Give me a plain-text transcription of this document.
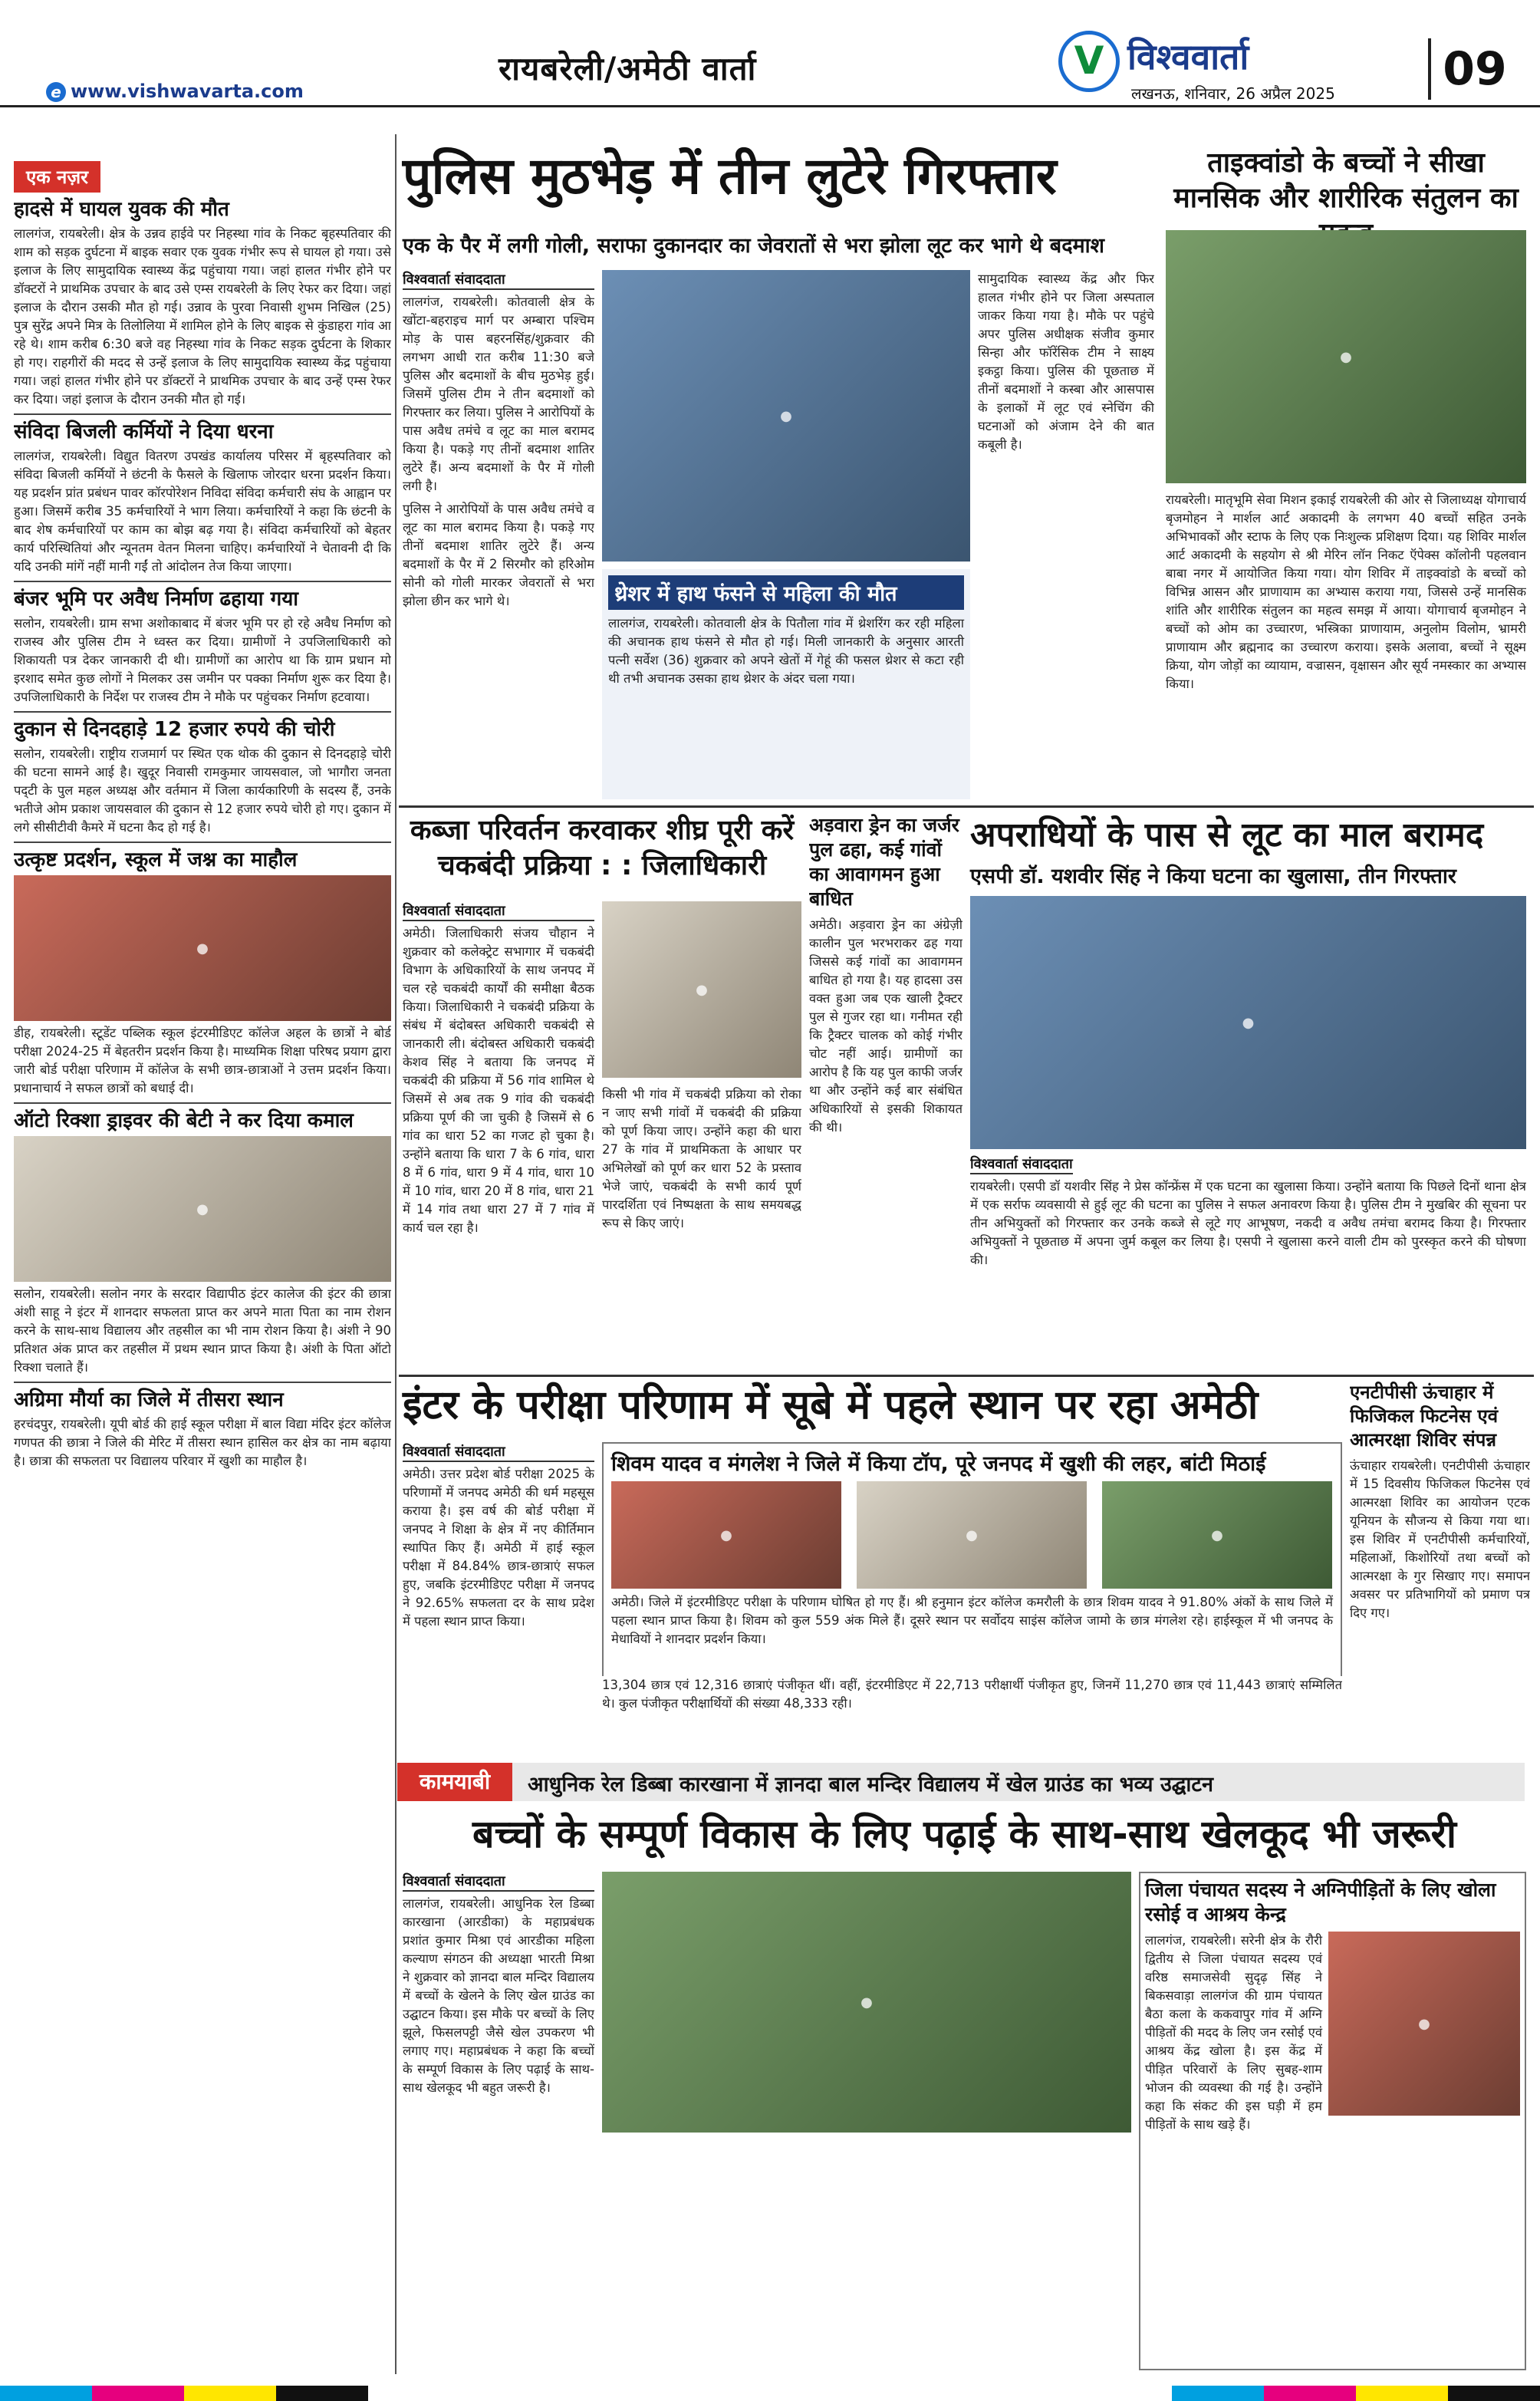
e www.vishwavarta.com
रायबरेली/अमेठी वार्ता	V विश्ववार्ता
लखनऊ, शनिवार, 26 अप्रैल 2025	09
एक नज़र
हादसे में घायल युवक की मौत
लालगंज, रायबरेली। क्षेत्र के उन्नव हाईवे पर निहस्था गांव के निकट बृहस्पतिवार की शाम को सड़क दुर्घटना में बाइक सवार एक युवक गंभीर रूप से घायल हो गया। उसे इलाज के लिए सामुदायिक स्वास्थ्य केंद्र पहुंचाया गया। जहां हालत गंभीर होने पर डॉक्टरों ने प्राथमिक उपचार के बाद उसे एम्स रायबरेली के लिए रेफर कर दिया। जहां इलाज के दौरान उसकी मौत हो गई। उन्नाव के पुरवा निवासी शुभम निखिल (25) पुत्र सुरेंद्र अपने मित्र के तिलोलिया में शामिल होने के लिए बाइक से कुंडाहरा गांव आ रहे थे। शाम करीब 6:30 बजे वह निहस्था गांव के निकट सड़क दुर्घटना के शिकार हो गए। राहगीरों की मदद से उन्हें इलाज के लिए सामुदायिक स्वास्थ्य केंद्र पहुंचाया गया। जहां हालत गंभीर होने पर डॉक्टरों ने प्राथमिक उपचार के बाद उन्हें एम्स रेफर कर दिया। जहां इलाज के दौरान उनकी मौत हो गई।
संविदा बिजली कर्मियों ने दिया धरना
लालगंज, रायबरेली। विद्युत वितरण उपखंड कार्यालय परिसर में बृहस्पतिवार को संविदा बिजली कर्मियों ने छंटनी के फैसले के खिलाफ जोरदार धरना प्रदर्शन किया। यह प्रदर्शन प्रांत प्रबंधन पावर कॉरपोरेशन निविदा संविदा कर्मचारी संघ के आह्वान पर हुआ। जिसमें करीब 35 कर्मचारियों ने भाग लिया। कर्मचारियों ने कहा कि छंटनी के बाद शेष कर्मचारियों पर काम का बोझ बढ़ गया है। संविदा कर्मचारियों को बेहतर कार्य परिस्थितियां और न्यूनतम वेतन मिलना चाहिए। कर्मचारियों ने चेतावनी दी कि यदि उनकी मांगें नहीं मानी गईं तो आंदोलन तेज किया जाएगा।
बंजर भूमि पर अवैध निर्माण ढहाया गया
सलोन, रायबरेली। ग्राम सभा अशोकाबाद में बंजर भूमि पर हो रहे अवैध निर्माण को राजस्व और पुलिस टीम ने ध्वस्त कर दिया। ग्रामीणों ने उपजिलाधिकारी को शिकायती पत्र देकर जानकारी दी थी। ग्रामीणों का आरोप था कि ग्राम प्रधान मो इरशाद समेत कुछ लोगों ने मिलकर उस जमीन पर पक्का निर्माण शुरू कर दिया है। उपजिलाधिकारी के निर्देश पर राजस्व टीम ने मौके पर पहुंचकर निर्माण हटवाया।
दुकान से दिनदहाड़े 12 हजार रुपये की चोरी
सलोन, रायबरेली। राष्ट्रीय राजमार्ग पर स्थित एक थोक की दुकान से दिनदहाड़े चोरी की घटना सामने आई है। खुदूर निवासी रामकुमार जायसवाल, जो भागौरा जनता पद्टी के पुल महल अध्यक्ष और वर्तमान में जिला कार्यकारिणी के सदस्य हैं, उनके भतीजे ओम प्रकाश जायसवाल की दुकान से 12 हजार रुपये चोरी हो गए। दुकान में लगे सीसीटीवी कैमरे में घटना कैद हो गई है।
उत्कृष्ट प्रदर्शन, स्कूल में जश्न का माहौल
●
डीह, रायबरेली। स्टूडेंट पब्लिक स्कूल इंटरमीडिएट कॉलेज अहल के छात्रों ने बोर्ड परीक्षा 2024-25 में बेहतरीन प्रदर्शन किया है। माध्यमिक शिक्षा परिषद प्रयाग द्वारा जारी बोर्ड परीक्षा परिणाम में कॉलेज के सभी छात्र-छात्राओं ने उत्तम प्रदर्शन किया। प्रधानाचार्य ने सफल छात्रों को बधाई दी।
ऑटो रिक्शा ड्राइवर की बेटी ने कर दिया कमाल
●
सलोन, रायबरेली। सलोन नगर के सरदार विद्यापीठ इंटर कालेज की इंटर की छात्रा अंशी साहू ने इंटर में शानदार सफलता प्राप्त कर अपने माता पिता का नाम रोशन करने के साथ-साथ विद्यालय और तहसील का भी नाम रोशन किया है। अंशी ने 90 प्रतिशत अंक प्राप्त कर तहसील में प्रथम स्थान प्राप्त किया है। अंशी के पिता ऑटो रिक्शा चलाते हैं।
अग्रिमा मौर्या का जिले में तीसरा स्थान
हरचंदपुर, रायबरेली। यूपी बोर्ड की हाई स्कूल परीक्षा में बाल विद्या मंदिर इंटर कॉलेज गणपत की छात्रा ने जिले की मेरिट में तीसरा स्थान हासिल कर क्षेत्र का नाम बढ़ाया है। छात्रा की सफलता पर विद्यालय परिवार में खुशी का माहौल है।
पुलिस मुठभेड़ में तीन लुटेरे गिरफ्तार
एक के पैर में लगी गोली, सराफा दुकानदार का जेवरातों से भरा झोला लूट कर भागे थे बदमाश
विश्ववार्ता संवाददाता
लालगंज, रायबरेली। कोतवाली क्षेत्र के खोंटा-बहराइच मार्ग पर अम्बारा पश्चिम मोड़ के पास बहरनसिंह/शुक्रवार की लगभग आधी रात करीब 11:30 बजे पुलिस और बदमाशों के बीच मुठभेड़ हुई। जिसमें पुलिस टीम ने तीन बदमाशों को गिरफ्तार कर लिया। पुलिस ने आरोपियों के पास अवैध तमंचे व लूट का माल बरामद किया है। पकड़े गए तीनों बदमाश शातिर लुटेरे हैं। अन्य बदमाशों के पैर में गोली लगी है।
पुलिस ने आरोपियों के पास अवैध तमंचे व लूट का माल बरामद किया है। पकड़े गए तीनों बदमाश शातिर लुटेरे हैं। अन्य बदमाशों के पैर में 2 सिरमौर को हरिओम सोनी को गोली मारकर जेवरातों से भरा झोला छीन कर भागे थे।
●
थ्रेशर में हाथ फंसने से महिला की मौत
लालगंज, रायबरेली। कोतवाली क्षेत्र के पितौला गांव में थ्रेशरिंग कर रही महिला की अचानक हाथ फंसने से मौत हो गई। मिली जानकारी के अनुसार आरती पत्नी सर्वेश (36) शुक्रवार को अपने खेतों में गेहूं की फसल थ्रेशर से कटा रही थी तभी अचानक उसका हाथ थ्रेशर के अंदर चला गया।
सामुदायिक स्वास्थ्य केंद्र और फिर हालत गंभीर होने पर जिला अस्पताल जाकर किया गया है। मौके पर पहुंचे अपर पुलिस अधीक्षक संजीव कुमार सिन्हा और फॉरेंसिक टीम ने साक्ष्य इकट्ठा किया। पुलिस की पूछताछ में तीनों बदमाशों ने कस्बा और आसपास के इलाकों में लूट एवं स्नेचिंग की घटनाओं को अंजाम देने की बात कबूली है।
ताइक्वांडो के बच्चों ने सीखा मानसिक और शारीरिक संतुलन का
●
रायबरेली। मातृभूमि सेवा मिशन इकाई रायबरेली की ओर से जिलाध्यक्ष योगाचार्य बृजमोहन ने मार्शल आर्ट अकादमी के लगभग 40 बच्चों सहित उनके अभिभावकों और स्टाफ के लिए एक निःशुल्क प्रशिक्षण दिया। यह शिविर मार्शल आर्ट अकादमी के सहयोग से श्री मेरिन लॉन निकट ऍपेक्स कॉलोनी पहलवान बाबा नगर में आयोजित किया गया। योग शिविर में ताइक्वांडो के बच्चों को विभिन्न आसन और प्राणायाम का अभ्यास कराया गया, जिससे उन्हें मानसिक शांति और शारीरिक संतुलन का महत्व समझ में आया। योगाचार्य बृजमोहन ने बच्चों को ओम का उच्चारण, भस्त्रिका प्राणायाम, अनुलोम विलोम, भ्रामरी प्राणायाम और ब्रह्मनाद का उच्चारण कराया। इसके अलावा, बच्चों ने सूक्ष्म क्रिया, योग जोड़ों का व्यायाम, वज्रासन, वृक्षासन और सूर्य नमस्कार का अभ्यास किया।
कब्जा परिवर्तन करवाकर शीघ्र पूरी करें चकबंदी प्रक्रिया : : जिलाधिकारी
विश्ववार्ता संवाददाता
अमेठी। जिलाधिकारी संजय चौहान ने शुक्रवार को कलेक्ट्रेट सभागार में चकबंदी विभाग के अधिकारियों के साथ जनपद में चल रहे चकबंदी कार्यों की समीक्षा बैठक किया। जिलाधिकारी ने चकबंदी प्रक्रिया के संबंध में बंदोबस्त अधिकारी चकबंदी से जानकारी ली। बंदोबस्त अधिकारी चकबंदी केशव सिंह ने बताया कि जनपद में चकबंदी की प्रक्रिया में 56 गांव शामिल थे जिसमें से अब तक 9 गांव की चकबंदी प्रक्रिया पूर्ण की जा चुकी है जिसमें से 6 गांव का धारा 52 का गजट हो चुका है। उन्होंने बताया कि धारा 7 के 6 गांव, धारा 8 में 6 गांव, धारा 9 में 4 गांव, धारा 10 में 10 गांव, धारा 20 में 8 गांव, धारा 21 में 14 गांव तथा धारा 27 में 7 गांव में कार्य चल रहा है।
●
किसी भी गांव में चकबंदी प्रक्रिया को रोका न जाए सभी गांवों में चकबंदी की प्रक्रिया को पूर्ण किया जाए। उन्होंने कहा की धारा 27 के गांव में प्राथमिकता के आधार पर अभिलेखों को पूर्ण कर धारा 52 के प्रस्ताव भेजे जाएं, चकबंदी के सभी कार्य पूर्ण पारदर्शिता एवं निष्पक्षता के साथ समयबद्ध रूप से किए जाएं।
अड़वारा ड्रेन का जर्जर पुल ढहा, कई गांवों का आवागमन हुआ बाधित
अमेठी। अड़वारा ड्रेन का अंग्रेज़ी कालीन पुल भरभराकर ढह गया जिससे कई गांवों का आवागमन बाधित हो गया है। यह हादसा उस वक्त हुआ जब एक खाली ट्रैक्टर पुल से गुजर रहा था। गनीमत रही कि ट्रैक्टर चालक को कोई गंभीर चोट नहीं आई। ग्रामीणों का आरोप है कि यह पुल काफी जर्जर था और उन्होंने कई बार संबंधित अधिकारियों से इसकी शिकायत की थी।
अपराधियों के पास से लूट का माल बरामद
एसपी डॉ. यशवीर सिंह ने किया घटना का खुलासा, तीन गिरफ्तार
●
विश्ववार्ता संवाददाता
रायबरेली। एसपी डॉ यशवीर सिंह ने प्रेस कॉन्फ्रेंस में एक घटना का खुलासा किया। उन्होंने बताया कि पिछले दिनों थाना क्षेत्र में एक सर्राफ व्यवसायी से हुई लूट की घटना का पुलिस ने सफल अनावरण किया है। पुलिस टीम ने मुखबिर की सूचना पर तीन अभियुक्तों को गिरफ्तार कर उनके कब्जे से लूटे गए आभूषण, नकदी व अवैध तमंचा बरामद किया है। गिरफ्तार अभियुक्तों ने पूछताछ में अपना जुर्म कबूल कर लिया है। एसपी ने खुलासा करने वाली टीम को पुरस्कृत करने की घोषणा की।
इंटर के परीक्षा परिणाम में सूबे में पहले स्थान पर रहा अमेठी
विश्ववार्ता संवाददाता
अमेठी। उत्तर प्रदेश बोर्ड परीक्षा 2025 के परिणामों में जनपद अमेठी की धर्म महसूस कराया है। इस वर्ष की बोर्ड परीक्षा में जनपद ने शिक्षा के क्षेत्र में नए कीर्तिमान स्थापित किए हैं। अमेठी में हाई स्कूल परीक्षा में 84.84% छात्र-छात्राएं सफल हुए, जबकि इंटरमीडिएट परीक्षा में जनपद ने 92.65% सफलता दर के साथ प्रदेश में पहला स्थान प्राप्त किया।
शिवम यादव व मंगलेश ने जिले में किया टॉप, पूरे जनपद में खुशी की लहर, बांटी मिठाई
●	●	●
अमेठी। जिले में इंटरमीडिएट परीक्षा के परिणाम घोषित हो गए हैं। श्री हनुमान इंटर कॉलेज कमरौली के छात्र शिवम यादव ने 91.80% अंकों के साथ जिले में पहला स्थान प्राप्त किया है। शिवम को कुल 559 अंक मिले हैं। दूसरे स्थान पर सर्वोदय साइंस कॉलेज जामो के छात्र मंगलेश रहे। हाईस्कूल में भी जनपद के मेधावियों ने शानदार प्रदर्शन किया।
13,304 छात्र एवं 12,316 छात्राएं पंजीकृत थीं। वहीं, इंटरमीडिएट में 22,713 परीक्षार्थी पंजीकृत हुए, जिनमें 11,270 छात्र एवं 11,443 छात्राएं सम्मिलित थे। कुल पंजीकृत परीक्षार्थियों की संख्या 48,333 रही।
एनटीपीसी ऊंचाहार में फिजिकल फिटनेस एवं आत्मरक्षा शिविर संपन्न
ऊंचाहार रायबरेली। एनटीपीसी ऊंचाहार में 15 दिवसीय फिजिकल फिटनेस एवं आत्मरक्षा शिविर का आयोजन एटक यूनियन के सौजन्य से किया गया था। इस शिविर में एनटीपीसी कर्मचारियों, महिलाओं, किशोरियों तथा बच्चों को आत्मरक्षा के गुर सिखाए गए। समापन अवसर पर प्रतिभागियों को प्रमाण पत्र दिए गए।
कामयाबी	आधुनिक रेल डिब्बा कारखाना में ज्ञानदा बाल मन्दिर विद्यालय में खेल ग्राउंड का भव्य उद्घाटन
बच्चों के सम्पूर्ण विकास के लिए पढ़ाई के साथ-साथ खेलकूद भी जरूरी
विश्ववार्ता संवाददाता
लालगंज, रायबरेली। आधुनिक रेल डिब्बा कारखाना (आरडीका) के महाप्रबंधक प्रशांत कुमार मिश्रा एवं आरडीका महिला कल्याण संगठन की अध्यक्षा भारती मिश्रा ने शुक्रवार को ज्ञानदा बाल मन्दिर विद्यालय में बच्चों के खेलने के लिए खेल ग्राउंड का उद्घाटन किया। इस मौके पर बच्चों के लिए झूले, फिसलपट्टी जैसे खेल उपकरण भी लगाए गए। महाप्रबंधक ने कहा कि बच्चों के सम्पूर्ण विकास के लिए पढ़ाई के साथ-साथ खेलकूद भी बहुत जरूरी है।
●
जिला पंचायत सदस्य ने अग्निपीड़ितों के लिए खोला रसोई व आश्रय केन्द्र
●
लालगंज, रायबरेली। सरेनी क्षेत्र के रौरी द्वितीय से जिला पंचायत सदस्य एवं वरिष्ठ समाजसेवी सुदृढ़ सिंह ने बिकसवाड़ा लालगंज की ग्राम पंचायत बैठा कला के ककवापुर गांव में अग्नि पीड़ितों की मदद के लिए जन रसोई एवं आश्रय केंद्र खोला है। इस केंद्र में पीड़ित परिवारों के लिए सुबह-शाम भोजन की व्यवस्था की गई है। उन्होंने कहा कि संकट की इस घड़ी में हम पीड़ितों के साथ खड़े हैं।
